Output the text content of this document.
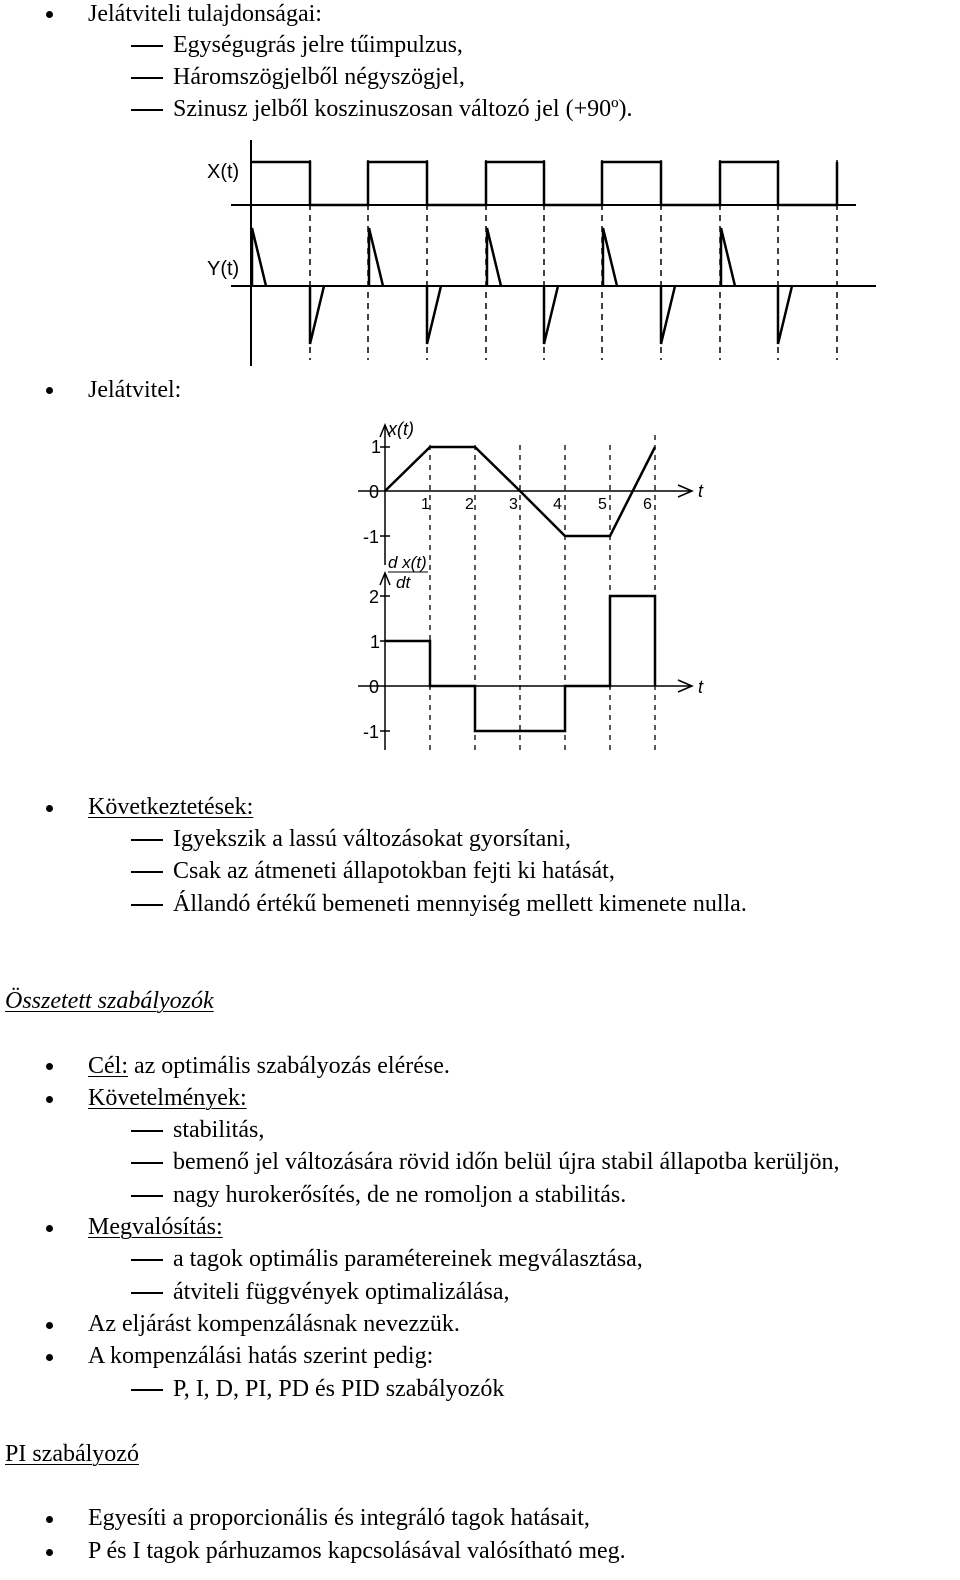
Jelátviteli tulajdonságai:
Egységugrás jelre tűimpulzus,
Háromszögjelből négyszögjel,
Szinusz jelből koszinuszosan változó jel (+90º).
X(t)
Y(t)
Jelátvitel:
1
0
-1
x(t)
1 2 3 4 5 6
t
d x(t)
dt
2
1
0
-1
t
Következtetések:
Igyekszik a lassú változásokat gyorsítani,
Csak az átmeneti állapotokban fejti ki hatását,
Állandó értékű bemeneti mennyiség mellett kimenete nulla.
Összetett szabályozók
Cél: az optimális szabályozás elérése.
Követelmények:
stabilitás,
bemenő jel változására rövid időn belül újra stabil állapotba kerüljön,
nagy hurokerősítés, de ne romoljon a stabilitás.
Megvalósítás:
a tagok optimális paramétereinek megválasztása,
átviteli függvények optimalizálása,
Az eljárást kompenzálásnak nevezzük.
A kompenzálási hatás szerint pedig:
P, I, D, PI, PD és PID szabályozók
PI szabályozó
Egyesíti a proporcionális és integráló tagok hatásait,
P és I tagok párhuzamos kapcsolásával valósítható meg.
